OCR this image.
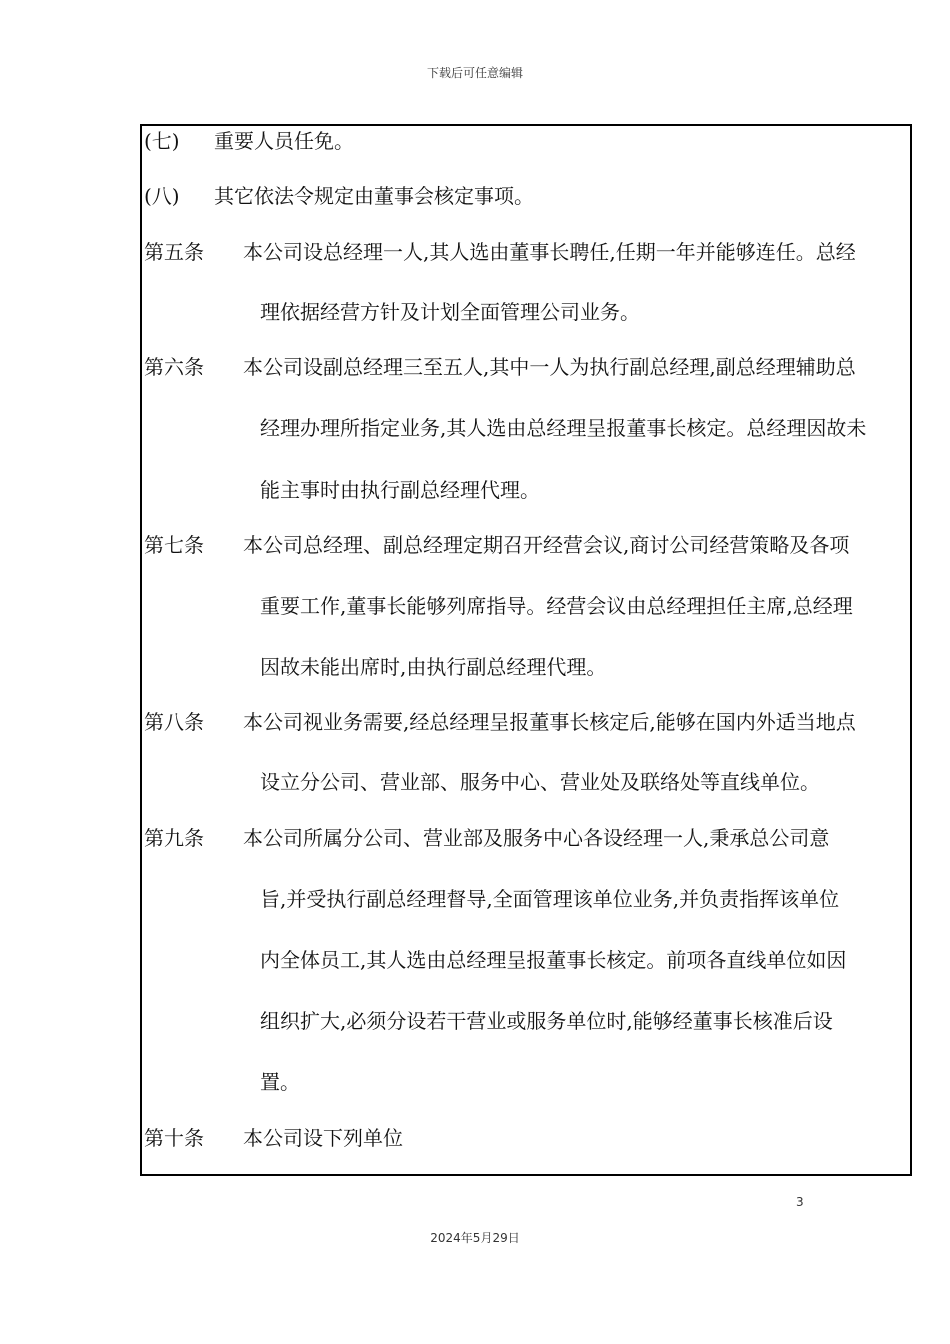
下载后可任意编辑
(七) 重要人员任免。
(八) 其它依法令规定由董事会核定事项。
第五条 本公司设总经理一人,其人选由董事长聘任,任期一年并能够连任。总经
理依据经营方针及计划全面管理公司业务。
第六条 本公司设副总经理三至五人,其中一人为执行副总经理,副总经理辅助总
经理办理所指定业务,其人选由总经理呈报董事长核定。总经理因故未
能主事时由执行副总经理代理。
第七条 本公司总经理、副总经理定期召开经营会议,商讨公司经营策略及各项
重要工作,董事长能够列席指导。经营会议由总经理担任主席,总经理
因故未能出席时,由执行副总经理代理。
第八条 本公司视业务需要,经总经理呈报董事长核定后,能够在国内外适当地点
设立分公司、营业部、服务中心、营业处及联络处等直线单位。
第九条 本公司所属分公司、营业部及服务中心各设经理一人,秉承总公司意
旨,并受执行副总经理督导,全面管理该单位业务,并负责指挥该单位
内全体员工,其人选由总经理呈报董事长核定。前项各直线单位如因
组织扩大,必须分设若干营业或服务单位时,能够经董事长核准后设
置。
第十条 本公司设下列单位
3
2024年5月29日
